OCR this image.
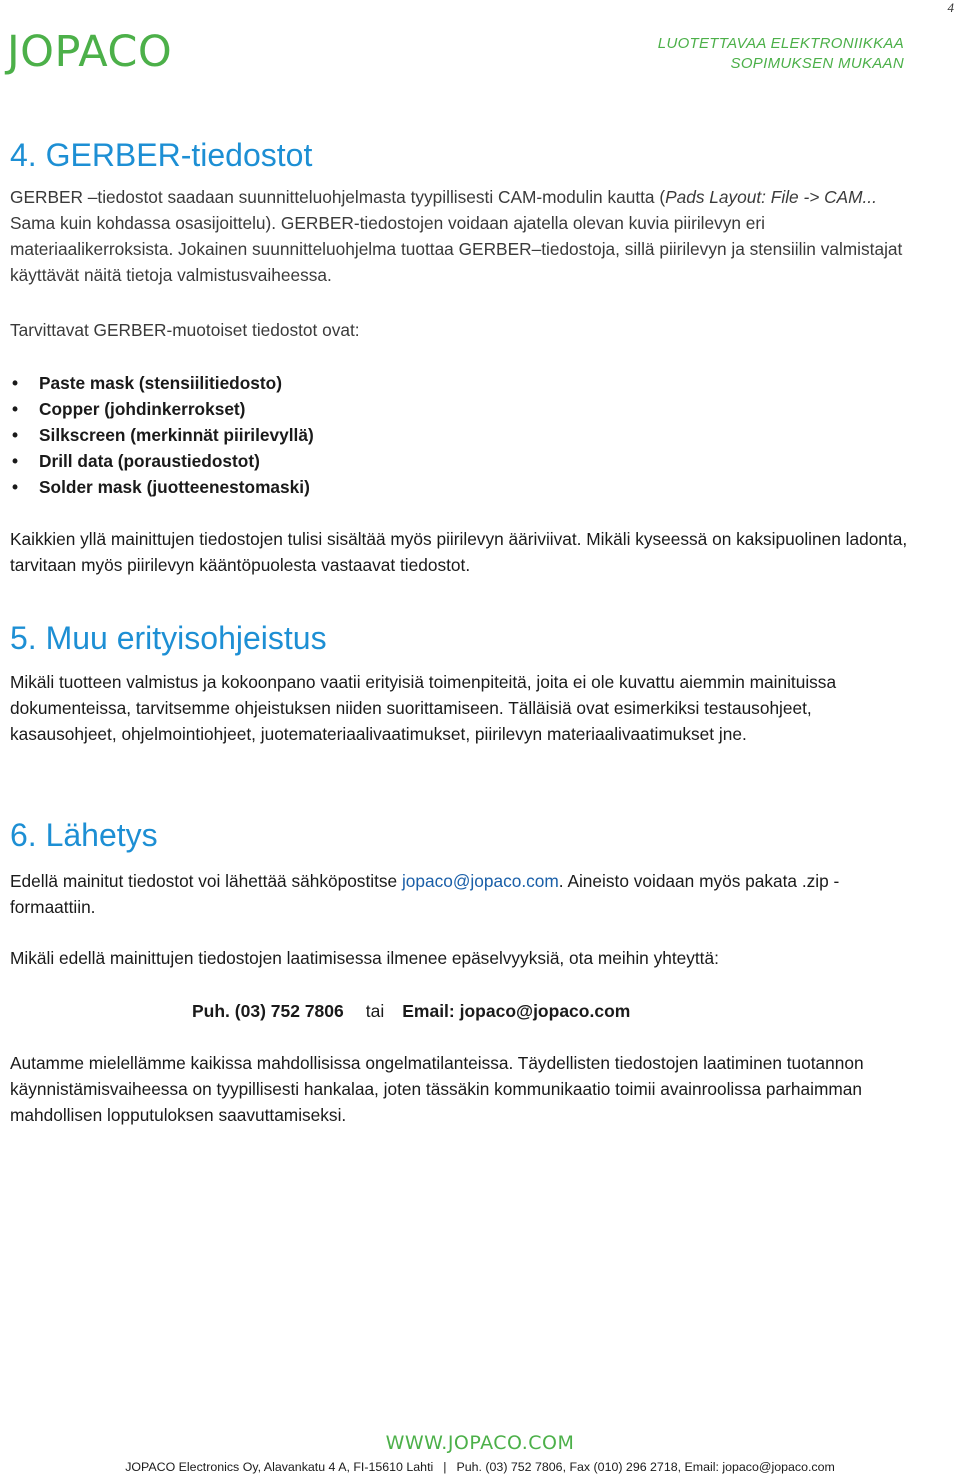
4
JOPACO	LUOTETTAVAA ELEKTRONIIKKAA
SOPIMUKSEN MUKAAN
4. GERBER-tiedostot

GERBER –tiedostot saadaan suunnitteluohjelmasta tyypillisesti CAM-modulin kautta (Pads Layout: File -> CAM... Sama kuin kohdassa osasijoittelu). GERBER-tiedostojen voidaan ajatella olevan kuvia piirilevyn eri materiaalikerroksista. Jokainen suunnitteluohjelma tuottaa GERBER–tiedostoja, sillä piirilevyn ja stensiilin valmistajat käyttävät näitä tietoja valmistusvaiheessa.

Tarvittavat GERBER-muotoiset tiedostot ovat:

• Paste mask (stensiilitiedosto)
• Copper (johdinkerrokset)
• Silkscreen (merkinnät piirilevyllä)
• Drill data (poraustiedostot)
• Solder mask (juotteenestomaski)

Kaikkien yllä mainittujen tiedostojen tulisi sisältää myös piirilevyn ääriviivat. Mikäli kyseessä on kaksipuolinen ladonta, tarvitaan myös piirilevyn kääntöpuolesta vastaavat tiedostot.

5. Muu erityisohjeistus

Mikäli tuotteen valmistus ja kokoonpano vaatii erityisiä toimenpiteitä, joita ei ole kuvattu aiemmin mainituissa dokumenteissa, tarvitsemme ohjeistuksen niiden suorittamiseen. Tälläisiä ovat esimerkiksi testausohjeet, kasausohjeet, ohjelmointiohjeet, juotemateriaalivaatimukset, piirilevyn materiaalivaatimukset jne.

6. Lähetys

Edellä mainitut tiedostot voi lähettää sähköpostitse jopaco@jopaco.com. Aineisto voidaan myös pakata .zip -formaattiin.

Mikäli edellä mainittujen tiedostojen laatimisessa ilmenee epäselvyyksiä, ota meihin yhteyttä:

Autamme mielellämme kaikissa mahdollisissa ongelmatilanteissa. Täydellisten tiedostojen laatiminen tuotannon käynnistämisvaiheessa on tyypillisesti hankalaa, joten tässäkin kommunikaatio toimii avainroolissa parhaimman mahdollisen lopputuloksen saavuttamiseksi.

Puh. (03) 752 7806 tai Email: jopaco@jopaco.com
WWW.JOPACO.COM
JOPACO Electronics Oy, Alavankatu 4 A, FI-15610 Lahti | Puh. (03) 752 7806, Fax (010) 296 2718, Email: jopaco@jopaco.com
